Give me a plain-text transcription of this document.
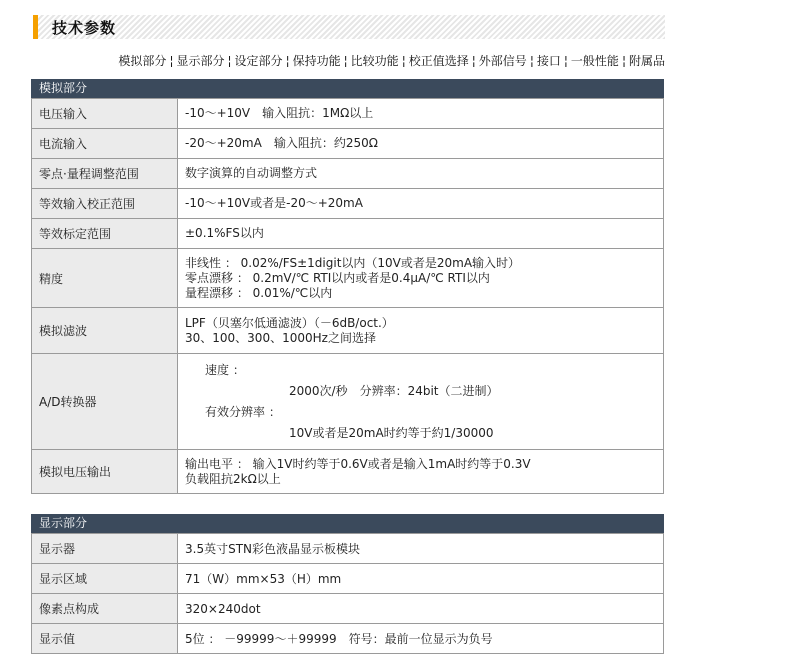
技术参数
模拟部分 ¦ 显示部分 ¦ 设定部分 ¦ 保持功能 ¦ 比较功能 ¦ 校正值选择 ¦ 外部信号 ¦ 接口 ¦ 一般性能 ¦ 附属品
模拟部分
电压输入	-10～+10V　输入阻抗：1MΩ以上

电流输入	-20～+20mA　输入阻抗：约250Ω

零点·量程调整范围	数字演算的自动调整方式

等效输入校正范围	-10～+10V或者是-20～+20mA

等效标定范围	±0.1%FS以内

精度	非线性 ： 0.02%/FS±1digit以内（10V或者是20mA输入时）
零点漂移 ： 0.2mV/℃ RTI以内或者是0.4μA/℃ RTI以内
量程漂移 ： 0.01%/℃以内

模拟滤波	LPF（贝塞尔低通滤波）（－6dB/oct.）
30、100、300、1000Hz之间选择

A/D转换器	速度 ：
2000次/秒　分辨率：24bit（二进制）
有效分辨率 ：
10V或者是20mA时约等于約1/30000

模拟电压输出	输出电平 ： 输入1V时约等于0.6V或者是输入1mA时约等于0.3V
负载阻抗2kΩ以上
显示部分
显示器	3.5英寸STN彩色液晶显示板模块
显示区域	71（W）mm×53（H）mm
像素点构成	320×240dot
显示值	5位 ： －99999～＋99999　符号：最前一位显示为负号
